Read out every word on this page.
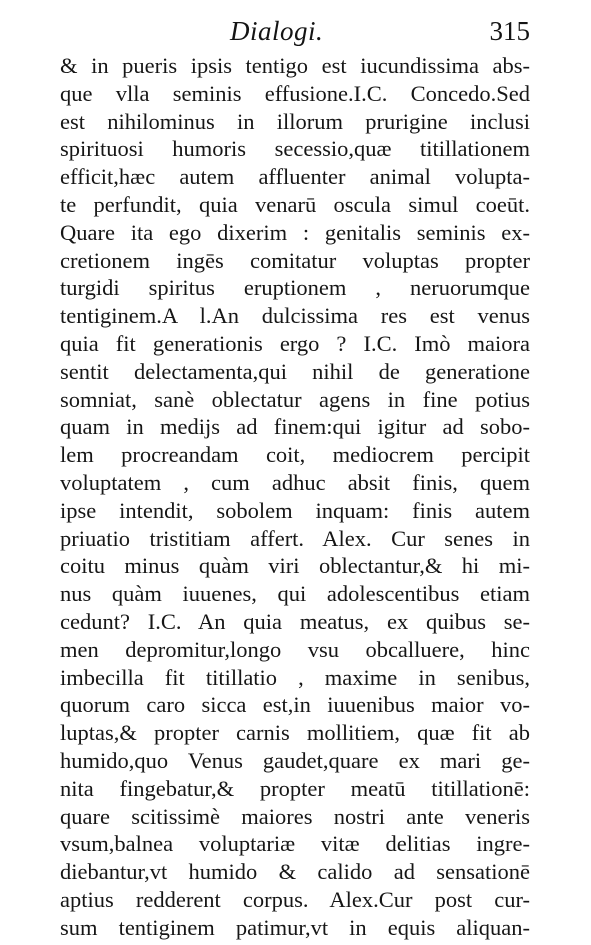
Dialogi.	315
& in pueris ipsis tentigo est iucundissima abs-
que vlla seminis effusione.I.C. Concedo.Sed
est nihilominus in illorum prurigine inclusi
spirituosi humoris secessio,quæ titillationem
efficit,hæc autem affluenter animal volupta-
te perfundit, quia venarū oscula simul coeūt.
Quare ita ego dixerim : genitalis seminis ex-
cretionem ingēs comitatur voluptas propter
turgidi spiritus eruptionem , neruorumque
tentiginem.A l.An dulcissima res est venus
quia fit generationis ergo ? I.C. Imò maiora
sentit delectamenta,qui nihil de generatione
somniat, sanè oblectatur agens in fine potius
quam in medijs ad finem:qui igitur ad sobo-
lem procreandam coit, mediocrem percipit
voluptatem , cum adhuc absit finis, quem
ipse intendit, sobolem inquam: finis autem
priuatio tristitiam affert. Alex. Cur senes in
coitu minus quàm viri oblectantur,& hi mi-
nus quàm iuuenes, qui adolescentibus etiam
cedunt? I.C. An quia meatus, ex quibus se-
men depromitur,longo vsu obcalluere, hinc
imbecilla fit titillatio , maxime in senibus,
quorum caro sicca est,in iuuenibus maior vo-
luptas,& propter carnis mollitiem, quæ fit ab
humido,quo Venus gaudet,quare ex mari ge-
nita fingebatur,& propter meatū titillationē:
quare scitissimè maiores nostri ante veneris
vsum,balnea voluptariæ vitæ delitias ingre-
diebantur,vt humido & calido ad sensationē
aptius redderent corpus. Alex.Cur post cur-
sum tentiginem patimur,vt in equis aliquan-
